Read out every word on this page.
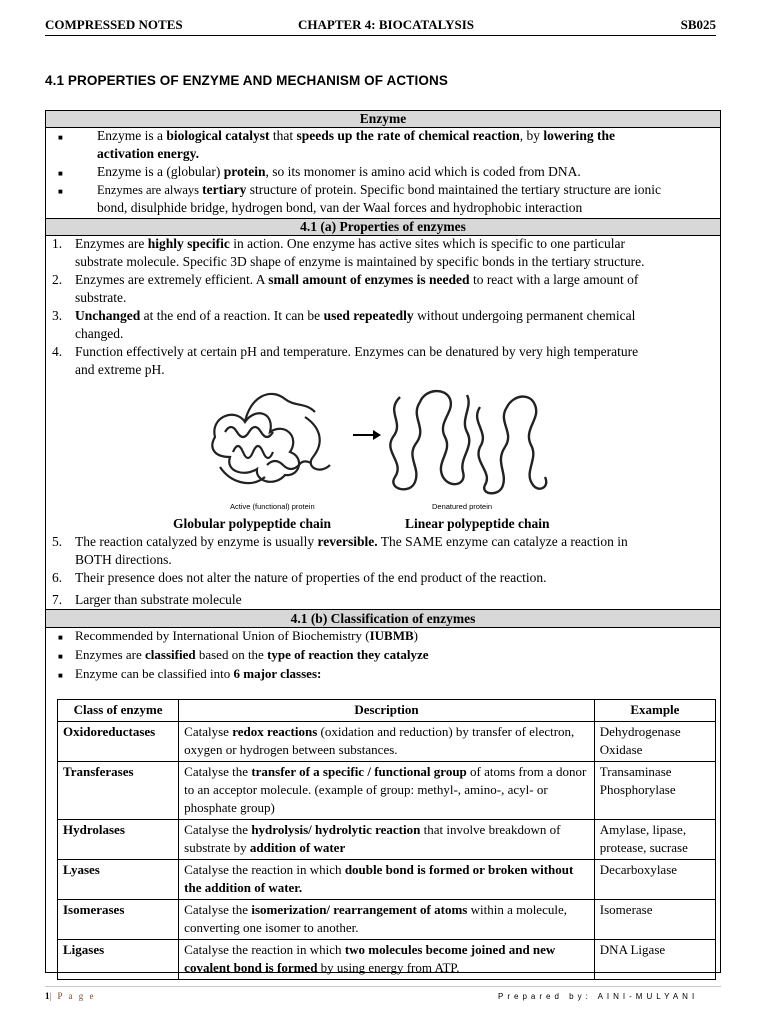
COMPRESSED NOTES	CHAPTER 4: BIOCATALYSIS	SB025
4.1 PROPERTIES OF ENZYME AND MECHANISM OF ACTIONS
Enzyme
■	Enzyme is a biological catalyst that speeds up the rate of chemical reaction, by lowering the
activation energy.
■	Enzyme is a (globular) protein, so its monomer is amino acid which is coded from DNA.
■	Enzymes are always tertiary structure of protein. Specific bond maintained the tertiary structure are ionic
bond, disulphide bridge, hydrogen bond, van der Waal forces and hydrophobic interaction
4.1 (a) Properties of enzymes
1. Enzymes are highly specific in action. One enzyme has active sites which is specific to one particular
substrate molecule. Specific 3D shape of enzyme is maintained by specific bonds in the tertiary structure.
2. Enzymes are extremely efficient. A small amount of enzymes is needed to react with a large amount of
substrate.
3. Unchanged at the end of a reaction. It can be used repeatedly without undergoing permanent chemical
changed.
4. Function effectively at certain pH and temperature. Enzymes can be denatured by very high temperature
and extreme pH.
Active (functional) protein	Denatured protein
Globular polypeptide chain	Linear polypeptide chain
5. The reaction catalyzed by enzyme is usually reversible. The SAME enzyme can catalyze a reaction in
BOTH directions.
6. Their presence does not alter the nature of properties of the end product of the reaction.
7. Larger than substrate molecule
4.1 (b) Classification of enzymes
■ Recommended by International Union of Biochemistry (IUBMB)
■ Enzymes are classified based on the type of reaction they catalyze
■ Enzyme can be classified into 6 major classes:
Class of enzyme	Description	Example
Oxidoreductases	Catalyse redox reactions (oxidation and reduction) by transfer of electron, oxygen or hydrogen between substances.	Dehydrogenase
Oxidase
Transferases	Catalyse the transfer of a specific / functional group of atoms from a donor to an acceptor molecule. (example of group: methyl-, amino-, acyl- or phosphate group)	Transaminase
Phosphorylase
Hydrolases	Catalyse the hydrolysis/ hydrolytic reaction that involve breakdown of substrate by addition of water	Amylase, lipase,
protease, sucrase
Lyases	Catalyse the reaction in which double bond is formed or broken without the addition of water.	Decarboxylase
Isomerases	Catalyse the isomerization/ rearrangement of atoms within a molecule, converting one isomer to another.	Isomerase
Ligases	Catalyse the reaction in which two molecules become joined and new covalent bond is formed by using energy from ATP.	DNA Ligase
1| P a g e	Prepared by: AINI-MULYANI
